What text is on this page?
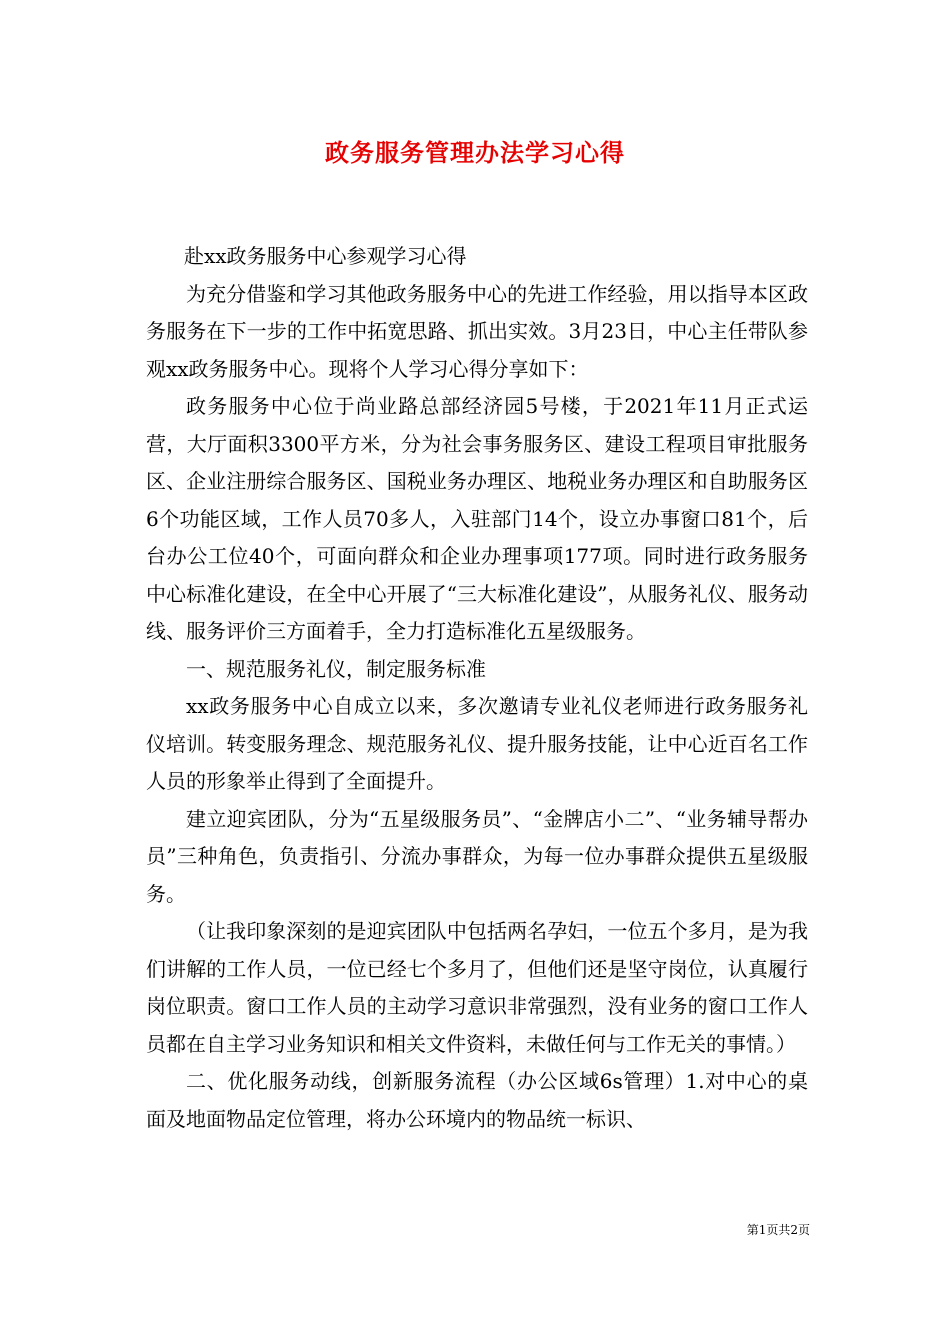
政务服务管理办法学习心得

赴xx政务服务中心参观学习心得

为充分借鉴和学习其他政务服务中心的先进工作经验，用以指导本区政务服务在下一步的工作中拓宽思路、抓出实效。3月23日，中心主任带队参观xx政务服务中心。现将个人学习心得分享如下：

政务服务中心位于尚业路总部经济园5号楼，于2021年11月正式运营，大厅面积3300平方米，分为社会事务服务区、建设工程项目审批服务区、企业注册综合服务区、国税业务办理区、地税业务办理区和自助服务区6个功能区域，工作人员70多人，入驻部门14个，设立办事窗口81个，后台办公工位40个，可面向群众和企业办理事项177项。同时进行政务服务中心标准化建设，在全中心开展了“三大标准化建设”，从服务礼仪、服务动线、服务评价三方面着手，全力打造标准化五星级服务。

一、规范服务礼仪，制定服务标准

xx政务服务中心自成立以来，多次邀请专业礼仪老师进行政务服务礼仪培训。转变服务理念、规范服务礼仪、提升服务技能，让中心近百名工作人员的形象举止得到了全面提升。

建立迎宾团队，分为“五星级服务员”、“金牌店小二”、“业务辅导帮办员”三种角色，负责指引、分流办事群众，为每一位办事群众提供五星级服务。

（让我印象深刻的是迎宾团队中包括两名孕妇，一位五个多月，是为我们讲解的工作人员，一位已经七个多月了，但他们还是坚守岗位，认真履行岗位职责。窗口工作人员的主动学习意识非常强烈，没有业务的窗口工作人员都在自主学习业务知识和相关文件资料，未做任何与工作无关的事情。）

二、优化服务动线，创新服务流程（办公区域6s管理）1.对中心的桌面及地面物品定位管理，将办公环境内的物品统一标识、

第1页共2页
